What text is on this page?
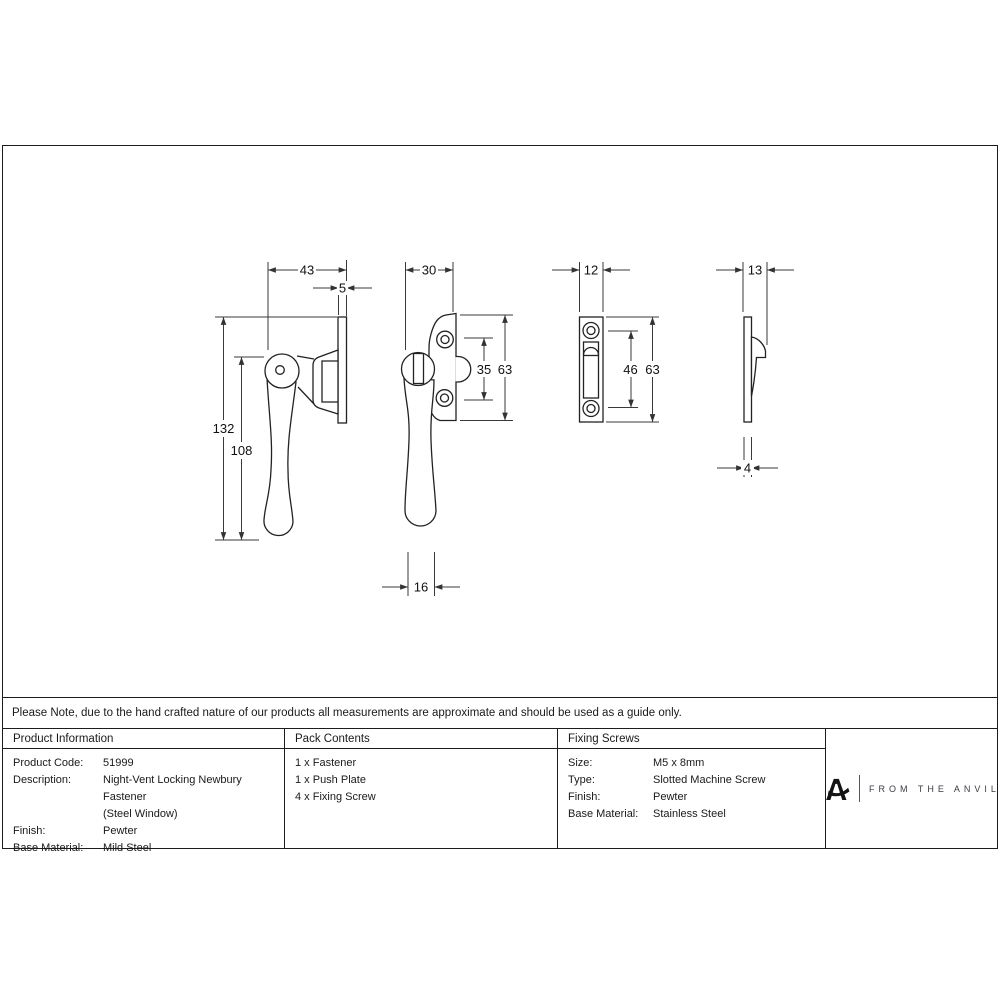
43
5
132
108
30
35 63
16
12
46 63
13
4
Please Note, due to the hand crafted nature of our products all measurements are approximate and should be used as a guide only.
Product Information
Product Code:	51999
Description:	Night-Vent Locking Newbury Fastener
(Steel Window)
Finish:	Pewter
Base Material:	Mild Steel
Pack Contents
1 x Fastener
1 x Push Plate
4 x Fixing Screw
Fixing Screws
Size:	M5 x 8mm
Type:	Slotted Machine Screw
Finish:	Pewter
Base Material:	Stainless Steel
FROM THE ANVIL
